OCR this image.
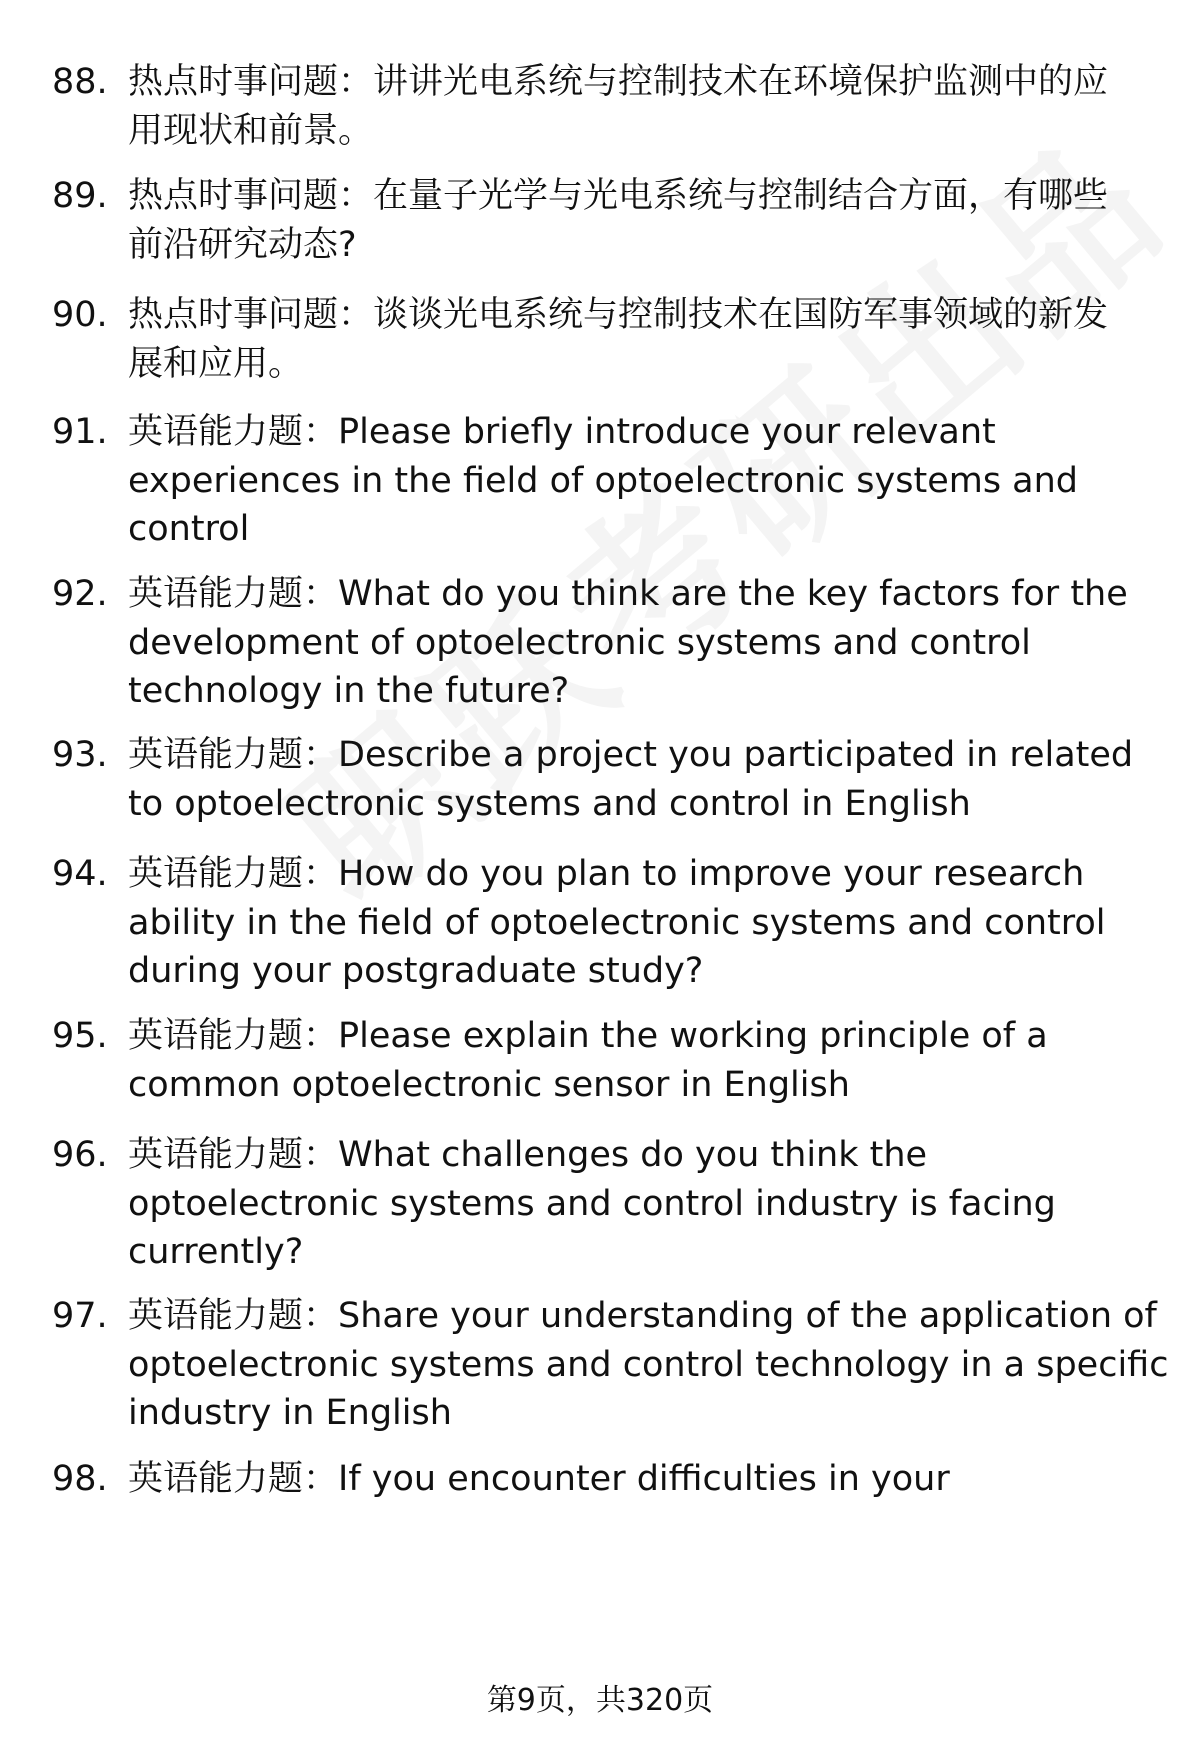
88. 热点时事问题：讲讲光电系统与控制技术在环境保护监测中的应
用现状和前景。
89. 热点时事问题：在量子光学与光电系统与控制结合方面，有哪些
前沿研究动态?
90. 热点时事问题：谈谈光电系统与控制技术在国防军事领域的新发
展和应用。
91. 英语能力题：Please briefly introduce your relevant
experiences in the field of optoelectronic systems and
control
92. 英语能力题：What do you think are the key factors for the
development of optoelectronic systems and control
technology in the future?
93. 英语能力题：Describe a project you participated in related
to optoelectronic systems and control in English
94. 英语能力题：How do you plan to improve your research
ability in the field of optoelectronic systems and control
during your postgraduate study?
95. 英语能力题：Please explain the working principle of a
common optoelectronic sensor in English
96. 英语能力题：What challenges do you think the
optoelectronic systems and control industry is facing
currently?
97. 英语能力题：Share your understanding of the application of
optoelectronic systems and control technology in a specific
industry in English
98. 英语能力题：If you encounter difficulties in your
第9页，共320页
